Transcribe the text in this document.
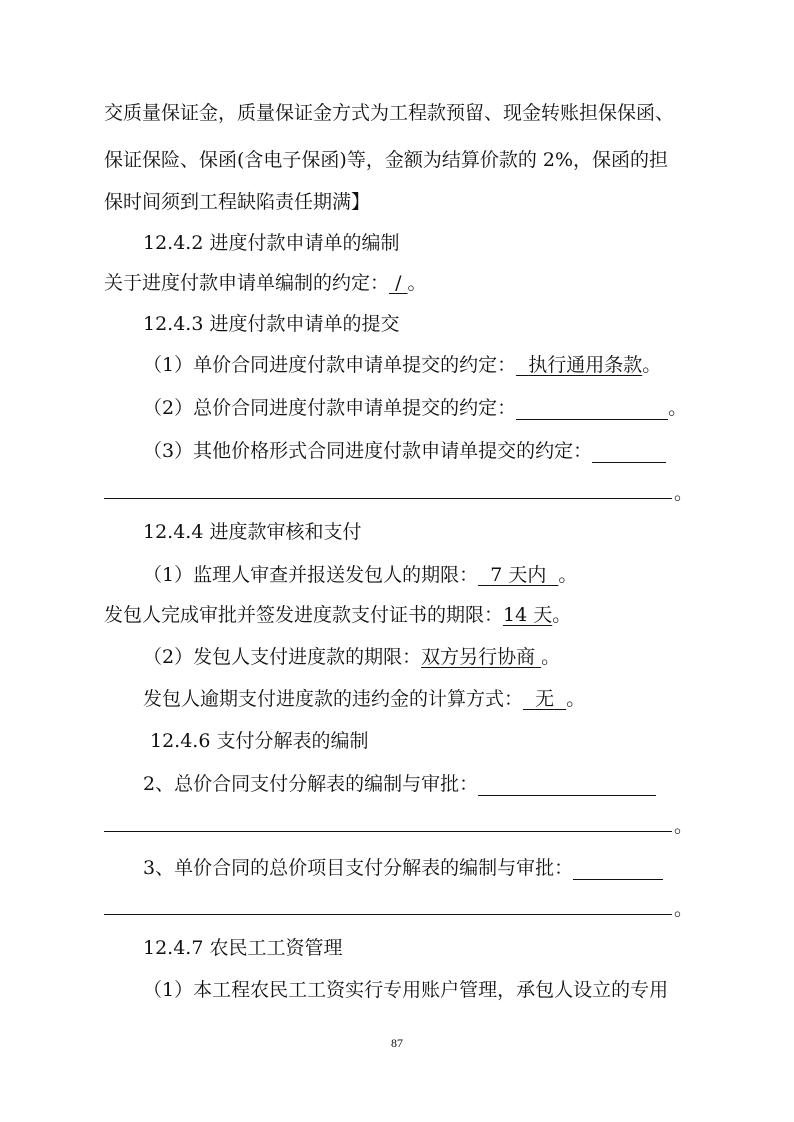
交质量保证金，质量保证金方式为工程款预留、现金转账担保保函、
保证保险、保函(含电子保函)等，金额为结算价款的 2%，保函的担
保时间须到工程缺陷责任期满】
12.4.2 进度付款申请单的编制
关于进度付款申请单编制的约定： / 。
12.4.3 进度付款申请单的提交
（1）单价合同进度付款申请单提交的约定： 执行通用条款。
（2）总价合同进度付款申请单提交的约定：	。
（3）其他价格形式合同进度付款申请单提交的约定：
。
12.4.4 进度款审核和支付
（1）监理人审查并报送发包人的期限： 7 天内 。
发包人完成审批并签发进度款支付证书的期限：14 天。
（2）发包人支付进度款的期限：双方另行协商 。
发包人逾期支付进度款的违约金的计算方式： 无 。
12.4.6 支付分解表的编制
2、总价合同支付分解表的编制与审批：
。
3、单价合同的总价项目支付分解表的编制与审批：
。
12.4.7 农民工工资管理
（1）本工程农民工工资实行专用账户管理，承包人设立的专用
87
